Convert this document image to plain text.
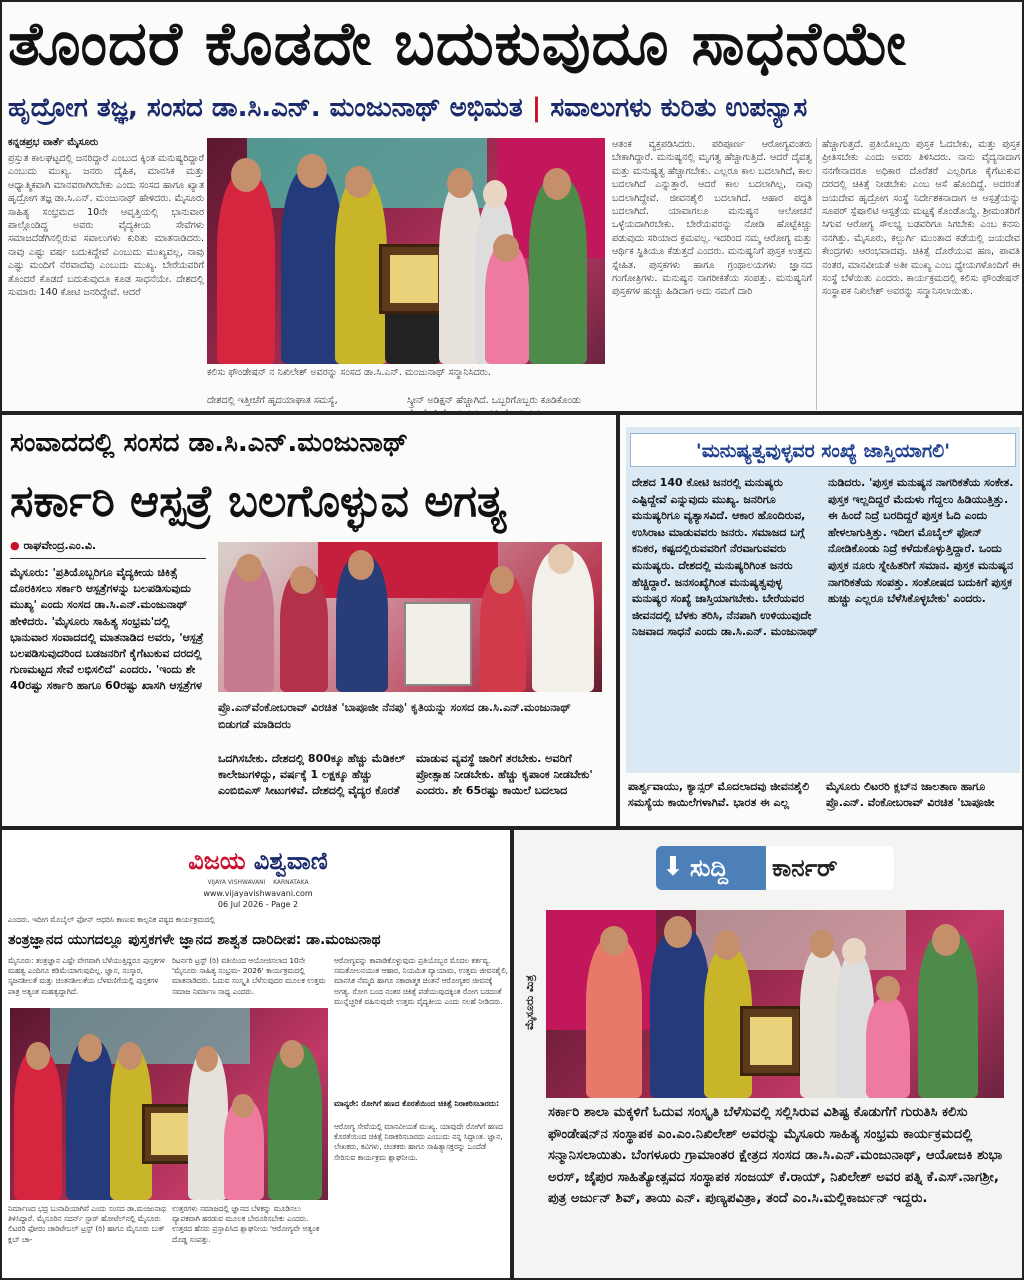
ತೊಂದರೆ ಕೊಡದೇ ಬದುಕುವುದೂ ಸಾಧನೆಯೇ
ಹೃದ್ರೋಗ ತಜ್ಞ, ಸಂಸದ ಡಾ.ಸಿ.ಎನ್. ಮಂಜುನಾಥ್ ಅಭಿಮತ | ಸವಾಲುಗಳು ಕುರಿತು ಉಪನ್ಯಾಸ
ಕನ್ನಡಪ್ರಭ ವಾರ್ತೆ ಮೈಸೂರು
ಪ್ರಸ್ತುತ ಕಾಲಘಟ್ಟದಲ್ಲಿ ಜನರಿದ್ದಾರೆ ಎಂಬುದ ಕ್ಕಿಂತ ಮನುಷ್ಯರಿದ್ದಾರೆ ಎಂಬುದು ಮುಖ್ಯ. ಜನರು ದೈಹಿಕ, ಮಾನಸಿಕ ಮತ್ತು ಆಧ್ಯಾತ್ಮಿಕವಾಗಿ ಮಾನವರಾಗಿರಬೇಕು ಎಂದು ಸಂಸದ ಹಾಗೂ ಖ್ಯಾತ ಹೃದ್ರೋಗ ತಜ್ಞ ಡಾ.ಸಿ.ಎನ್. ಮಂಜುನಾಥ್ ಹೇಳಿದರು. ಮೈಸೂರು ಸಾಹಿತ್ಯ ಸಂಭ್ರಮದ 10ನೇ ಆವೃತ್ತಿಯಲ್ಲಿ ಭಾನುವಾರ ಪಾಲ್ಗೊಂಡಿದ್ದ ಅವರು ವೈದ್ಯಕೀಯ ಸೇವೆಗಳು ಸಮಾಜದೆಡೆಗಿನಲ್ಲಿರುವ ಸವಾಲುಗಳು ಕುರಿತು ಮಾತನಾಡಿದರು. ನಾವು ಎಷ್ಟು ವರ್ಷ ಬದುಕಿದ್ದೇವೆ ಎಂಬುದು ಮುಖ್ಯವಲ್ಲ, ನಾವು ಎಷ್ಟು ಮಂದಿಗೆ ನೆರವಾದೆವು ಎಂಬುದು ಮುಖ್ಯ. ಬೇರೆಯವರಿಗೆ ತೊಂದರೆ ಕೊಡದೆ ಬದುಕುವುದೂ ಕೂಡ ಸಾಧನೆಯೇ. ದೇಶದಲ್ಲಿ ಸುಮಾರು 140 ಕೋಟಿ ಜನರಿದ್ದೇವೆ. ಆದರೆ
ಕಲಿಸು ಫೌಂಡೇಷನ್ ನ ನಿಖಿಲೇಶ್ ಅವರನ್ನು ಸಂಸದ ಡಾ.ಸಿ.ಎನ್. ಮಂಜುನಾಥ್ ಸನ್ಮಾನಿಸಿದರು.
ದೇಶದಲ್ಲಿ ಇತ್ತೀಚೆಗೆ ಹೃದಯಾಘಾತ ಸಮಸ್ಯೆ,	ಸ್ಕ್ರೀನ್ ಅಡಿಕ್ಷನ್ ಹೆಚ್ಚಾಗಿದೆ. ಒಬ್ಬರಿಗೊಬ್ಬರು ಕೂಡಿಕೊಂಡು
ಆತಂಕ ವ್ಯಕ್ತಪಡಿಸಿದರು. ಪರಿಪೂರ್ಣ ಆರೋಗ್ಯವಂತರು ಬೇಕಾಗಿದ್ದಾರೆ. ಮನುಷ್ಯನಲ್ಲಿ ಮೃಗತ್ವ ಹೆಚ್ಚಾಗುತ್ತಿದೆ. ಆದರೆ ದೈವತ್ವ ಮತ್ತು ಮನುಷ್ಯತ್ವ ಹೆಚ್ಚಾಗಬೇಕು. ಎಲ್ಲರೂ ಕಾಲ ಬದಲಾಗಿದೆ, ಕಾಲ ಬದಲಾಗಿದೆ ಎನ್ನುತ್ತಾರೆ. ಆದರೆ ಕಾಲ ಬದಲಾಗಿಲ್ಲ, ನಾವು ಬದಲಾಗಿದ್ದೇವೆ. ಜೀವನಶೈಲಿ ಬದಲಾಗಿದೆ. ಆಹಾರ ಪದ್ಧತಿ ಬದಲಾಗಿದೆ. ಯಾವಾಗಲೂ ಮನುಷ್ಯನ ಆಲೋಚನೆ ಒಳ್ಳೆಯದಾಗಿರಬೇಕು. ಬೇರೆಯವರನ್ನು ನೋಡಿ ಹೊಟ್ಟೆಕಿಚ್ಚು ಪಡುವುದು ಸರಿಯಾದ ಕ್ರಮವಲ್ಲ. ಇದರಿಂದ ನಮ್ಮ ಆರೋಗ್ಯ ಮತ್ತು ಆರ್ಥಿಕ ಸ್ಥಿತಿಯೂ ಕೆಡುತ್ತದೆ ಎಂದರು. ಮನುಷ್ಯನಿಗೆ ಪುಸ್ತಕ ಉತ್ತಮ ಸ್ನೇಹಿತ. ಪುಸ್ತಕಗಳು ಹಾಗೂ ಗ್ರಂಥಾಲಯಗಳು ಜ್ಞಾನದ ಗಂಗೋತ್ರಿಗಳು. ಮನುಷ್ಯನ ನಾಗರೀಕತೆಯ ಸಂಪತ್ತು. ಮನುಷ್ಯನಿಗೆ ಪುಸ್ತಕಗಳ ಹುಚ್ಚು ಹಿಡಿದಾಗ ಅದು ನಮಗೆ ದಾರಿ
ಹೆಚ್ಚಾಗುತ್ತದೆ. ಪ್ರತಿಯೊಬ್ಬರು ಪುಸ್ತಕ ಓದಬೇಕು, ಮತ್ತು ಪುಸ್ತಕ ಪ್ರೀತಿಸಬೇಕು ಎಂದು ಅವರು ತಿಳಿಸಿದರು. ನಾನು ವೈದ್ಯನಾದಾಗ ನನಗೇನಾದರೂ ಅಧಿಕಾರ ದೊರೆತರೆ ಎಲ್ಲರಿಗೂ ಕೈಗೆಟುಕುವ ದರದಲ್ಲಿ ಚಿಕಿತ್ಸೆ ನೀಡಬೇಕು ಎಂಬ ಆಸೆ ಹೊಂದಿದ್ದೆ. ಅದರಂತೆ ಜಯದೇವ ಹೃದ್ರೋಗ ಸಂಸ್ಥೆ ನಿರ್ದೇಶಕನಾದಾಗ ಆ ಆಸ್ಪತ್ರೆಯನ್ನು ಸೂಪರ್ ಸ್ಪೆಷಾಲಿಟಿ ಆಸ್ಪತ್ರೆಯ ಮಟ್ಟಕ್ಕೆ ಕೊಂಡೊಯ್ದೆ. ಶ್ರೀಮಂತರಿಗೆ ಸಿಗುವ ಆರೋಗ್ಯ ಸೌಲಭ್ಯ ಬಡವರಿಗೂ ಸಿಗಬೇಕು ಎಂಬ ಕನಸು ನನಗಿತ್ತು. ಮೈಸೂರು, ಕಲ್ಬುರ್ಗಿ ಮುಂತಾದ ಕಡೆಯಲ್ಲಿ ಜಯದೇವ ಕೇಂದ್ರಗಳು ಆರಂಭವಾದವು. ಚಿಕಿತ್ಸೆ ದೊರೆಯುವ ಹಣ, ಪಾವತಿ ನಂತರ, ಮಾನವೀಯತೆ ಅತೀ ಮುಖ್ಯ ಎಂಬ ಧ್ಯೇಯಗಳೊಂದಿಗೆ ಈ ಸಂಸ್ಥೆ ಬೆಳೆಯಿತು ಎಂದರು. ಕಾರ್ಯಕ್ರಮದಲ್ಲಿ ಕಲಿಸು ಫೌಂಡೇಷನ್ ಸಂಸ್ಥಾಪಕ ನಿಖಿಲೇಶ್ ಅವರನ್ನು ಸನ್ಮಾನಿಸಲಾಯಿತು.
ಸಂವಾದದಲ್ಲಿ ಸಂಸದ ಡಾ.ಸಿ.ಎನ್.ಮಂಜುನಾಥ್
ಸರ್ಕಾರಿ ಆಸ್ಪತ್ರೆ ಬಲಗೊಳ್ಳುವ ಅಗತ್ಯ
● ರಾಘವೇಂದ್ರ.ಎಂ.ವಿ.
ಮೈಸೂರು: 'ಪ್ರತಿಯೊಬ್ಬರಿಗೂ ವೈದ್ಯಕೀಯ ಚಿಕಿತ್ಸೆ ದೊರಕಿಸಲು ಸರ್ಕಾರಿ ಆಸ್ಪತ್ರೆಗಳನ್ನು ಬಲಪಡಿಸುವುದು ಮುಖ್ಯ' ಎಂದು ಸಂಸದ ಡಾ.ಸಿ.ಎನ್.ಮಂಜುನಾಥ್ ಹೇಳಿದರು. 'ಮೈಸೂರು ಸಾಹಿತ್ಯ ಸಂಭ್ರಮ'ದಲ್ಲಿ ಭಾನುವಾರ ಸಂವಾದದಲ್ಲಿ ಮಾತನಾಡಿದ ಅವರು, 'ಆಸ್ಪತ್ರೆ ಬಲಪಡಿಸುವುದರಿಂದ ಬಡಜನರಿಗೆ ಕೈಗೆಟುಕುವ ದರದಲ್ಲಿ ಗುಣಮಟ್ಟದ ಸೇವೆ ಲಭಿಸಲಿದೆ' ಎಂದರು. 'ಇಂದು ಶೇ 40ರಷ್ಟು ಸರ್ಕಾರಿ ಹಾಗೂ 60ರಷ್ಟು ಖಾಸಗಿ ಆಸ್ಪತ್ರೆಗಳ
ಪ್ರೊ.ಎನ್‌ವೆಂಕೋಬರಾವ್ ವಿರಚಿತ 'ಬಾಪೂಜೀ ನೆನಪು' ಕೃತಿಯನ್ನು ಸಂಸದ ಡಾ.ಸಿ.ಎನ್.ಮಂಜುನಾಥ್ ಬಿಡುಗಡೆ ಮಾಡಿದರು
ಒದಗಿಸಬೇಕು. ದೇಶದಲ್ಲಿ 800ಕ್ಕೂ ಹೆಚ್ಚು ಮೆಡಿಕಲ್ ಕಾಲೇಜುಗಳಿದ್ದು, ವರ್ಷಕ್ಕೆ 1 ಲಕ್ಷಕ್ಕೂ ಹೆಚ್ಚು ಎಂಬಿಬಿಎಸ್ ಸೀಟುಗಳಿವೆ. ದೇಶದಲ್ಲಿ ವೈದ್ಯರ ಕೊರತೆ
ಮಾಡುವ ವ್ಯವಸ್ಥೆ ಜಾರಿಗೆ ತರಬೇಕು. ಅವರಿಗೆ ಪ್ರೋತ್ಸಾಹ ನೀಡಬೇಕು. ಹೆಚ್ಚು ಕೃಪಾಂಕ ನೀಡಬೇಕು' ಎಂದರು. ಶೇ 65ರಷ್ಟು ಕಾಯಿಲೆ ಬದಲಾದ
'ಮನುಷ್ಯತ್ವವುಳ್ಳವರ ಸಂಖ್ಯೆ ಜಾಸ್ತಿಯಾಗಲಿ'
ದೇಶದ 140 ಕೋಟಿ ಜನರಲ್ಲಿ ಮನುಷ್ಯರು ಎಷ್ಟಿದ್ದೇವೆ ಎನ್ನುವುದು ಮುಖ್ಯ. ಜನರಿಗೂ ಮನುಷ್ಯರಿಗೂ ವ್ಯತ್ಯಾಸವಿದೆ. ಆಕಾರ ಹೊಂದಿರುವ, ಉಸಿರಾಟ ಮಾಡುವವರು ಜನರು. ಸಮಾಜದ ಬಗ್ಗೆ ಕನಿಕರ, ಕಷ್ಟದಲ್ಲಿರುವವರಿಗೆ ನೆರವಾಗುವವರು ಮನುಷ್ಯರು. ದೇಶದಲ್ಲಿ ಮನುಷ್ಯರಿಗಿಂತ ಜನರು ಹೆಚ್ಚಿದ್ದಾರೆ. ಜನಸಂಖ್ಯೆಗಿಂತ ಮನುಷ್ಯತ್ವವುಳ್ಳ ಮನುಷ್ಯರ ಸಂಖ್ಯೆ ಜಾಸ್ತಿಯಾಗಬೇಕು. ಬೇರೆಯವರ ಜೀವನದಲ್ಲಿ ಬೆಳಕು ತರಿಸಿ, ನೆನಪಾಗಿ ಉಳಿಯುವುದೇ ನಿಜವಾದ ಸಾಧನೆ ಎಂದು ಡಾ.ಸಿ.ಎನ್. ಮಂಜುನಾಥ್
ನುಡಿದರು. 'ಪುಸ್ತಕ ಮನುಷ್ಯನ ನಾಗರಿಕತೆಯ ಸಂಕೇತ. ಪುಸ್ತಕ ಇಲ್ಲದಿದ್ದರೆ ಮೆದುಳು ಗೆದ್ದಲು ಹಿಡಿಯುತ್ತಿತ್ತು. ಈ ಹಿಂದೆ ನಿದ್ರೆ ಬರದಿದ್ದರೆ ಪುಸ್ತಕ ಓದಿ ಎಂದು ಹೇಳಲಾಗುತ್ತಿತ್ತು. ಇದೀಗ ಮೊಬೈಲ್ ಫೋನ್ ನೋಡಿಕೊಂಡು ನಿದ್ರೆ ಕಳೆದುಕೊಳ್ಳುತ್ತಿದ್ದಾರೆ. ಒಂದು ಪುಸ್ತಕ ನೂರು ಸ್ನೇಹಿತರಿಗೆ ಸಮಾನ. ಪುಸ್ತಕ ಮನುಷ್ಯನ ನಾಗರಿಕತೆಯ ಸಂಪತ್ತು. ಸಂತೋಷದ ಬದುಕಿಗೆ ಪುಸ್ತಕ ಹುಚ್ಚು ಎಲ್ಲರೂ ಬೆಳೆಸಿಕೊಳ್ಳಬೇಕು' ಎಂದರು.
ಪಾರ್ಶ್ವವಾಯು, ಕ್ಯಾನ್ಸರ್ ಮೊದಲಾದವು ಜೀವನಶೈಲಿ ಸಮಸ್ಯೆಯ ಕಾಯಿಲೆಗಳಾಗಿವೆ. ಭಾರತ ಈ ಎಲ್ಲ
ಮೈಸೂರು ಲಿಟರರಿ ಕ್ಲಬ್‌ನ ಜಾಲತಾಣ ಹಾಗೂ ಪ್ರೊ.ಎನ್. ವೆಂಕೋಬರಾವ್ ವಿರಚಿತ 'ಬಾಪೂಜೀ
ವಿಜಯ ವಿಶ್ವವಾಣಿ
VIJAYA VISHWAVANI KARNATAKA
www.vijayavishwavani.com
06 Jul 2026 - Page 2
ಎಂದರು. ಇದೀಗ ಮೊಬೈಲ್ ಫೋನ್ ಆಧರಿಸಿ ಕಾಣುವ ಕಾಲ್ಪನಿಕ ಪಠ್ಯದ ಕಾರ್ಯಕ್ರಮದಲ್ಲಿ
ತಂತ್ರಜ್ಞಾನದ ಯುಗದಲ್ಲೂ ಪುಸ್ತಕಗಳೇ ಜ್ಞಾನದ ಶಾಶ್ವತ ದಾರಿದೀಪ: ಡಾ.ಮಂಜುನಾಥ
ಮೈಸೂರು: ತಂತ್ರಜ್ಞಾನ ಎಷ್ಟೇ ವೇಗವಾಗಿ ಬೆಳೆಯುತ್ತಿದ್ದರೂ ಪುಸ್ತಕಗಳ ಮಹತ್ವ ಎಂದಿಗೂ ಕಡಿಮೆಯಾಗುವುದಿಲ್ಲ. ಜ್ಞಾನ, ಸಂಸ್ಕಾರ, ಸೃಜನಶೀಲತೆ ಮತ್ತು ಚಿಂತನಶೀಲತೆಯ ಬೆಳವಣಿಗೆಯಲ್ಲಿ ಪುಸ್ತಕಗಳ ಪಾತ್ರ ಅತ್ಯಂತ ಮಹತ್ವದ್ದಾಗಿದೆ.
ರಿಟರ್ನರಿ ಟ್ರಸ್ಟ್ (ರಿ) ವತಿಯಿಂದ ಆಯೋಜಿಸಲಾದ 10ನೇ 'ಮೈಸೂರು ಸಾಹಿತ್ಯ ಸಂಭ್ರಮ- 2026' ಕಾರ್ಯಕ್ರಮದಲ್ಲಿ ಮಾತನಾಡಿದರು. ಓದುವ ಸಂಸ್ಕೃತಿ ಬೆಳೆಸುವುದರ ಮೂಲಕ ಉತ್ತಮ ಸಮಾಜ ನಿರ್ಮಾಣ ಸಾಧ್ಯ ಎಂದರು.
ಆರೋಗ್ಯವನ್ನು ಕಾಪಾಡಿಕೊಳ್ಳುವುದು ಪ್ರತಿಯೊಬ್ಬರ ಮೊದಲ ಕರ್ತವ್ಯ. ಸಮತೋಲನಯುತ ಆಹಾರ, ನಿಯಮಿತ ವ್ಯಾಯಾಮ, ಉತ್ತಮ ಜೀವನಶೈಲಿ, ಮಾನಸಿಕ ನೆಮ್ಮದಿ ಹಾಗೂ ಸಕಾರಾತ್ಮಕ ಚಿಂತನೆ ಆರೋಗ್ಯಕರ ಜೀವನಕ್ಕೆ ಅಗತ್ಯ. ರೋಗ ಬಂದ ನಂತರ ಚಿಕಿತ್ಸೆ ಪಡೆಯುವುದಕ್ಕಿಂತ ರೋಗ ಬರದಂತೆ ಮುನ್ನೆಚ್ಚರಿಕೆ ವಹಿಸುವುದೇ ಉತ್ತಮ ವೈದ್ಯಕೀಯ ಎಂದು ಸಲಹೆ ನೀಡಿದರು.
ಮಾನ್ಯರೇ: ರೋಗಿಗೆ ಹಣದ ಕೊರತೆಯಿಂದ ಚಿಕಿತ್ಸೆ ನಿರಾಕರಿಸಬಾರದು:
ಆರೋಗ್ಯ ಸೇವೆಯಲ್ಲಿ ಮಾನವೀಯತೆ ಮುಖ್ಯ. ಯಾವುದೇ ರೋಗಿಗೆ ಹಣದ ಕೊರತೆಯಿಂದ ಚಿಕಿತ್ಸೆ ನಿರಾಕರಿಸಬಾರದು ಎಂಬುದು ನನ್ನ ಸಿದ್ಧಾಂತ. ಜ್ಞಾನ, ಲೇಖಕರು, ಕವಿಗಳು, ಚಿಂತಕರು ಹಾಗೂ ಸಾಹಿತ್ಯಾಸಕ್ತರನ್ನು ಒಂದೆಡೆ ಸೇರಿಸುವ ಕಾರ್ಯಕ್ರಮ ಶ್ಲಾಘನೀಯ.
ನಿರ್ಮಾಣದ ಭದ್ರ ಬುನಾದಿಯಾಗಿವೆ ಎಂದು ಸಂಸದ ಡಾ.ಮಂಜುನಾಥ ತಿಳಿಸಿದ್ದಾರೆ. ಮೈಸೂರಿನ ಸದರ್ನ್ ಸ್ಟಾರ್ ಹೋಟೆಲ್‌ನಲ್ಲಿ ಮೈಸೂರು ಲಿಟರರಿ ಫೋರಂ ಚಾರಿಟೇಬಲ್ ಟ್ರಸ್ಟ್ (ರಿ) ಹಾಗೂ ಮೈಸೂರು ಬುಕ್ ಕ್ಲಬ್ ಚಾ-
ಉತ್ತರಗಳು ಸಮಾಜದಲ್ಲಿ ಜ್ಞಾನದ ಬೆಳಕನ್ನು ಮೂಡಿಸಲು ವ್ಯಾಪಕವಾಗಿ ಹರಡುವ ಮೂಲಕ ಬೇರೂರಿಸಬೇಕು ಎಂದರು. ಉತ್ತರದ ಹೆಸರು ಪ್ರಸ್ತಾಪಿಸಿದ ಶ್ಲಾಘನೀಯ 'ಆರೋಗ್ಯವೇ ಅತ್ಯಂತ ದೊಡ್ಡ ಸಂಪತ್ತು.
⬇ ಸುದ್ದಿ ಕಾರ್ನರ್
ಮೈಸೂರು ಮಿತ್ರ
ಸರ್ಕಾರಿ ಶಾಲಾ ಮಕ್ಕಳಿಗೆ ಓದುವ ಸಂಸ್ಕೃತಿ ಬೆಳೆಸುವಲ್ಲಿ ಸಲ್ಲಿಸಿರುವ ವಿಶಿಷ್ಟ ಕೊಡುಗೆಗೆ ಗುರುತಿಸಿ ಕಲಿಸು ಫೌಂಡೇಷನ್‌ನ ಸಂಸ್ಥಾಪಕ ಎಂ.ಎಂ.ನಿಖಿಲೇಶ್ ಅವರನ್ನು ಮೈಸೂರು ಸಾಹಿತ್ಯ ಸಂಭ್ರಮ ಕಾರ್ಯಕ್ರಮದಲ್ಲಿ ಸನ್ಮಾನಿಸಲಾಯಿತು. ಬೆಂಗಳೂರು ಗ್ರಾಮಾಂತರ ಕ್ಷೇತ್ರದ ಸಂಸದ ಡಾ.ಸಿ.ಎನ್.ಮಂಜುನಾಥ್, ಆಯೋಜಕಿ ಶುಭಾ ಅರಸ್, ಜೈಪುರ ಸಾಹಿತ್ಯೋತ್ಸವದ ಸಂಸ್ಥಾಪಕ ಸಂಜಯ್ ಕೆ.ರಾಯ್, ನಿಖಿಲೇಶ್ ಅವರ ಪತ್ನಿ ಕೆ.ಎಸ್.ನಾಗಶ್ರೀ, ಪುತ್ರ ಅರ್ಜುನ್ ಶಿವ್, ತಾಯಿ ಎನ್. ಪುಣ್ಯಪವಿತ್ರಾ, ತಂದೆ ಎಂ.ಸಿ.ಮಲ್ಲಿಕಾರ್ಜುನ್ ಇದ್ದರು.
